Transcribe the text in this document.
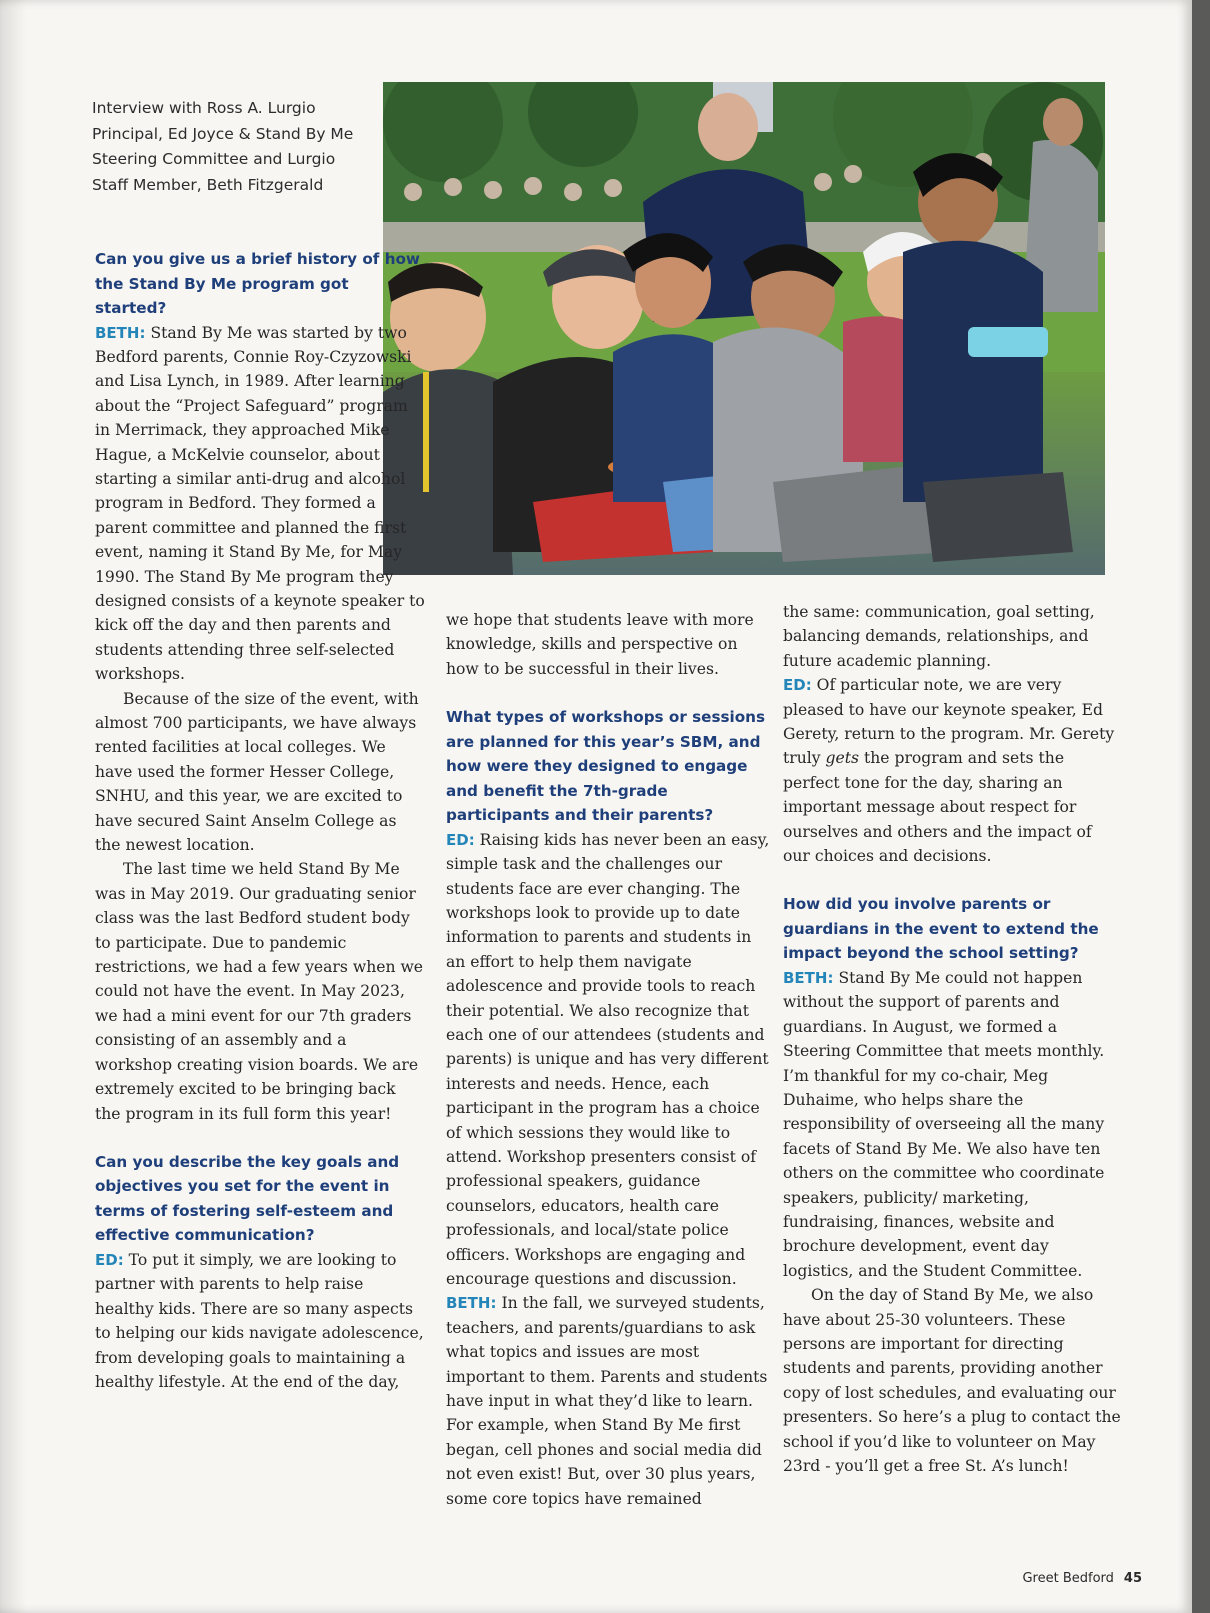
Interview with Ross A. Lurgio Principal, Ed Joyce & Stand By Me Steering Committee and Lurgio Staff Member, Beth Fitzgerald

Can you give us a brief history of how the Stand By Me program got started?

BETH: Stand By Me was started by two Bedford parents, Connie Roy-Czyzowski and Lisa Lynch, in 1989. After learning about the “Project Safeguard” program in Merrimack, they approached Mike Hague, a McKelvie counselor, about starting a similar anti-drug and alcohol program in Bedford. They formed a parent committee and planned the first event, naming it Stand By Me, for May 1990. The Stand By Me program they designed consists of a keynote speaker to kick off the day and then parents and students attending three self-selected workshops.

Because of the size of the event, with almost 700 participants, we have always rented facilities at local colleges. We have used the former Hesser College, SNHU, and this year, we are excited to have secured Saint Anselm College as the newest location.

The last time we held Stand By Me was in May 2019. Our graduating senior class was the last Bedford student body to participate. Due to pandemic restrictions, we had a few years when we could not have the event. In May 2023, we had a mini event for our 7th graders consisting of an assembly and a workshop creating vision boards. We are extremely excited to be bringing back the program in its full form this year!

Can you describe the key goals and objectives you set for the event in terms of fostering self-esteem and effective communication?

ED: To put it simply, we are looking to partner with parents to help raise healthy kids. There are so many aspects to helping our kids navigate adolescence, from developing goals to maintaining a healthy lifestyle. At the end of the day,

we hope that students leave with more knowledge, skills and perspective on how to be successful in their lives.

What types of workshops or sessions are planned for this year’s SBM, and how were they designed to engage and benefit the 7th-grade participants and their parents?

ED: Raising kids has never been an easy, simple task and the challenges our students face are ever changing. The workshops look to provide up to date information to parents and students in an effort to help them navigate adolescence and provide tools to reach their potential. We also recognize that each one of our attendees (students and parents) is unique and has very different interests and needs. Hence, each participant in the program has a choice of which sessions they would like to attend. Workshop presenters consist of professional speakers, guidance counselors, educators, health care professionals, and local/state police officers. Workshops are engaging and encourage questions and discussion.

BETH: In the fall, we surveyed students, teachers, and parents/guardians to ask what topics and issues are most important to them. Parents and students have input in what they’d like to learn. For example, when Stand By Me first began, cell phones and social media did not even exist! But, over 30 plus years, some core topics have remained

the same: communication, goal setting, balancing demands, relationships, and future academic planning.

ED: Of particular note, we are very pleased to have our keynote speaker, Ed Gerety, return to the program. Mr. Gerety truly gets the program and sets the perfect tone for the day, sharing an important message about respect for ourselves and others and the impact of our choices and decisions.

How did you involve parents or guardians in the event to extend the impact beyond the school setting?

BETH: Stand By Me could not happen without the support of parents and guardians. In August, we formed a Steering Committee that meets monthly. I’m thankful for my co-chair, Meg Duhaime, who helps share the responsibility of overseeing all the many facets of Stand By Me. We also have ten others on the committee who coordinate speakers, publicity/ marketing, fundraising, finances, website and brochure development, event day logistics, and the Student Committee.

On the day of Stand By Me, we also have about 25-30 volunteers. These persons are important for directing students and parents, providing another copy of lost schedules, and evaluating our presenters. So here’s a plug to contact the school if you’d like to volunteer on May 23rd - you’ll get a free St. A’s lunch!

Greet Bedford 45
